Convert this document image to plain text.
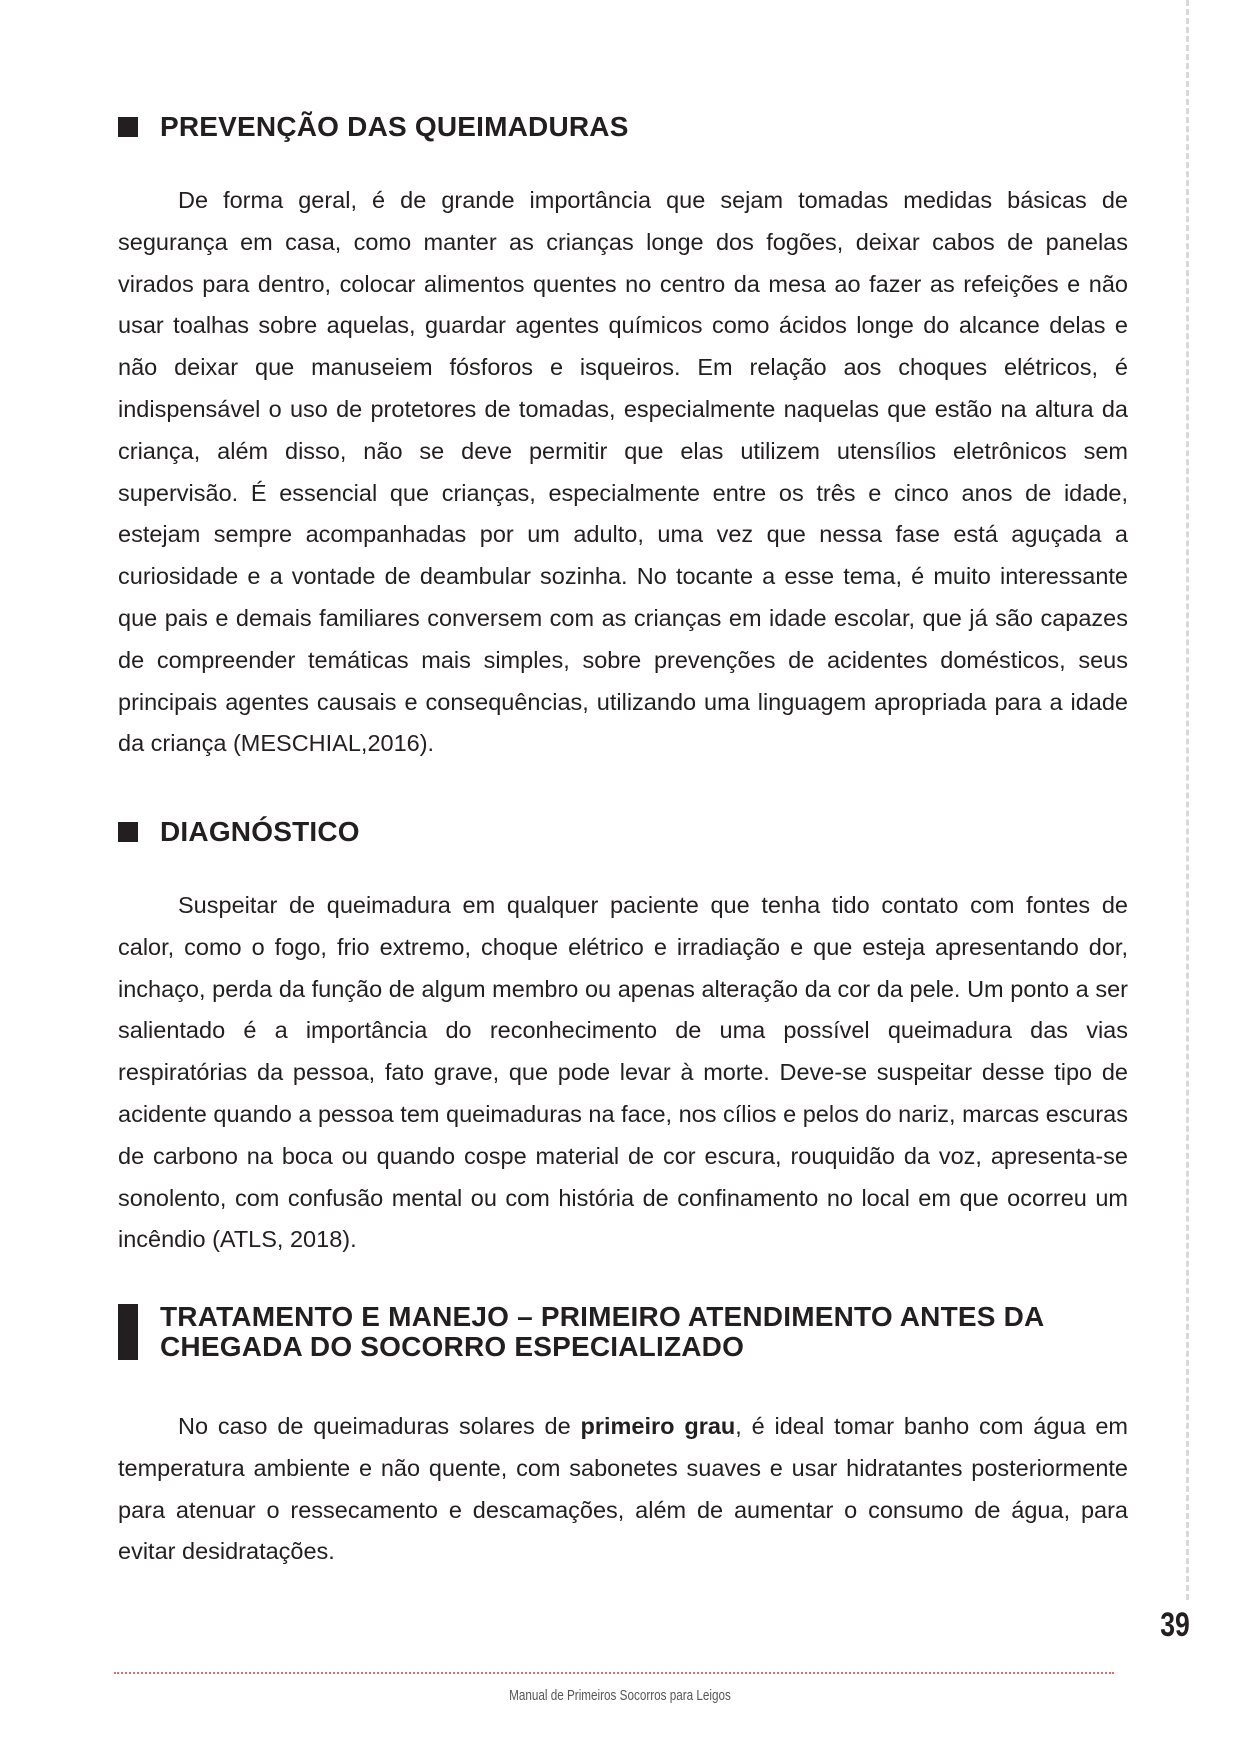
PREVENÇÃO DAS QUEIMADURAS

De forma geral, é de grande importância que sejam tomadas medidas básicas de segurança em casa, como manter as crianças longe dos fogões, deixar cabos de panelas virados para dentro, colocar alimentos quentes no centro da mesa ao fazer as refeições e não usar toalhas sobre aquelas, guardar agentes químicos como ácidos longe do alcance delas e não deixar que manuseiem fósforos e isqueiros. Em relação aos choques elétricos, é indispensável o uso de protetores de tomadas, especialmente naquelas que estão na altura da criança, além disso, não se deve permitir que elas utilizem utensílios eletrônicos sem supervisão. É essencial que crianças, especialmente entre os três e cinco anos de idade, estejam sempre acompanhadas por um adulto, uma vez que nessa fase está aguçada a curiosidade e a vontade de deambular sozinha. No tocante a esse tema, é muito interessante que pais e demais familiares conversem com as crianças em idade escolar, que já são capazes de compreender temáticas mais simples, sobre prevenções de acidentes domésticos, seus principais agentes causais e consequências, utilizando uma linguagem apropriada para a idade da criança (MESCHIAL,2016).

DIAGNÓSTICO

Suspeitar de queimadura em qualquer paciente que tenha tido contato com fontes de calor, como o fogo, frio extremo, choque elétrico e irradiação e que esteja apresentando dor, inchaço, perda da função de algum membro ou apenas alteração da cor da pele. Um ponto a ser salientado é a importância do reconhecimento de uma possível queimadura das vias respiratórias da pessoa, fato grave, que pode levar à morte. Deve-se suspeitar desse tipo de acidente quando a pessoa tem queimaduras na face, nos cílios e pelos do nariz, marcas escuras de carbono na boca ou quando cospe material de cor escura, rouquidão da voz, apresenta-se sonolento, com confusão mental ou com história de confinamento no local em que ocorreu um incêndio (ATLS, 2018).

TRATAMENTO E MANEJO – PRIMEIRO ATENDIMENTO ANTES DA CHEGADA DO SOCORRO ESPECIALIZADO

No caso de queimaduras solares de primeiro grau, é ideal tomar banho com água em temperatura ambiente e não quente, com sabonetes suaves e usar hidratantes posteriormente para atenuar o ressecamento e descamações, além de aumentar o consumo de água, para evitar desidratações.

39
Manual de Primeiros Socorros para Leigos
